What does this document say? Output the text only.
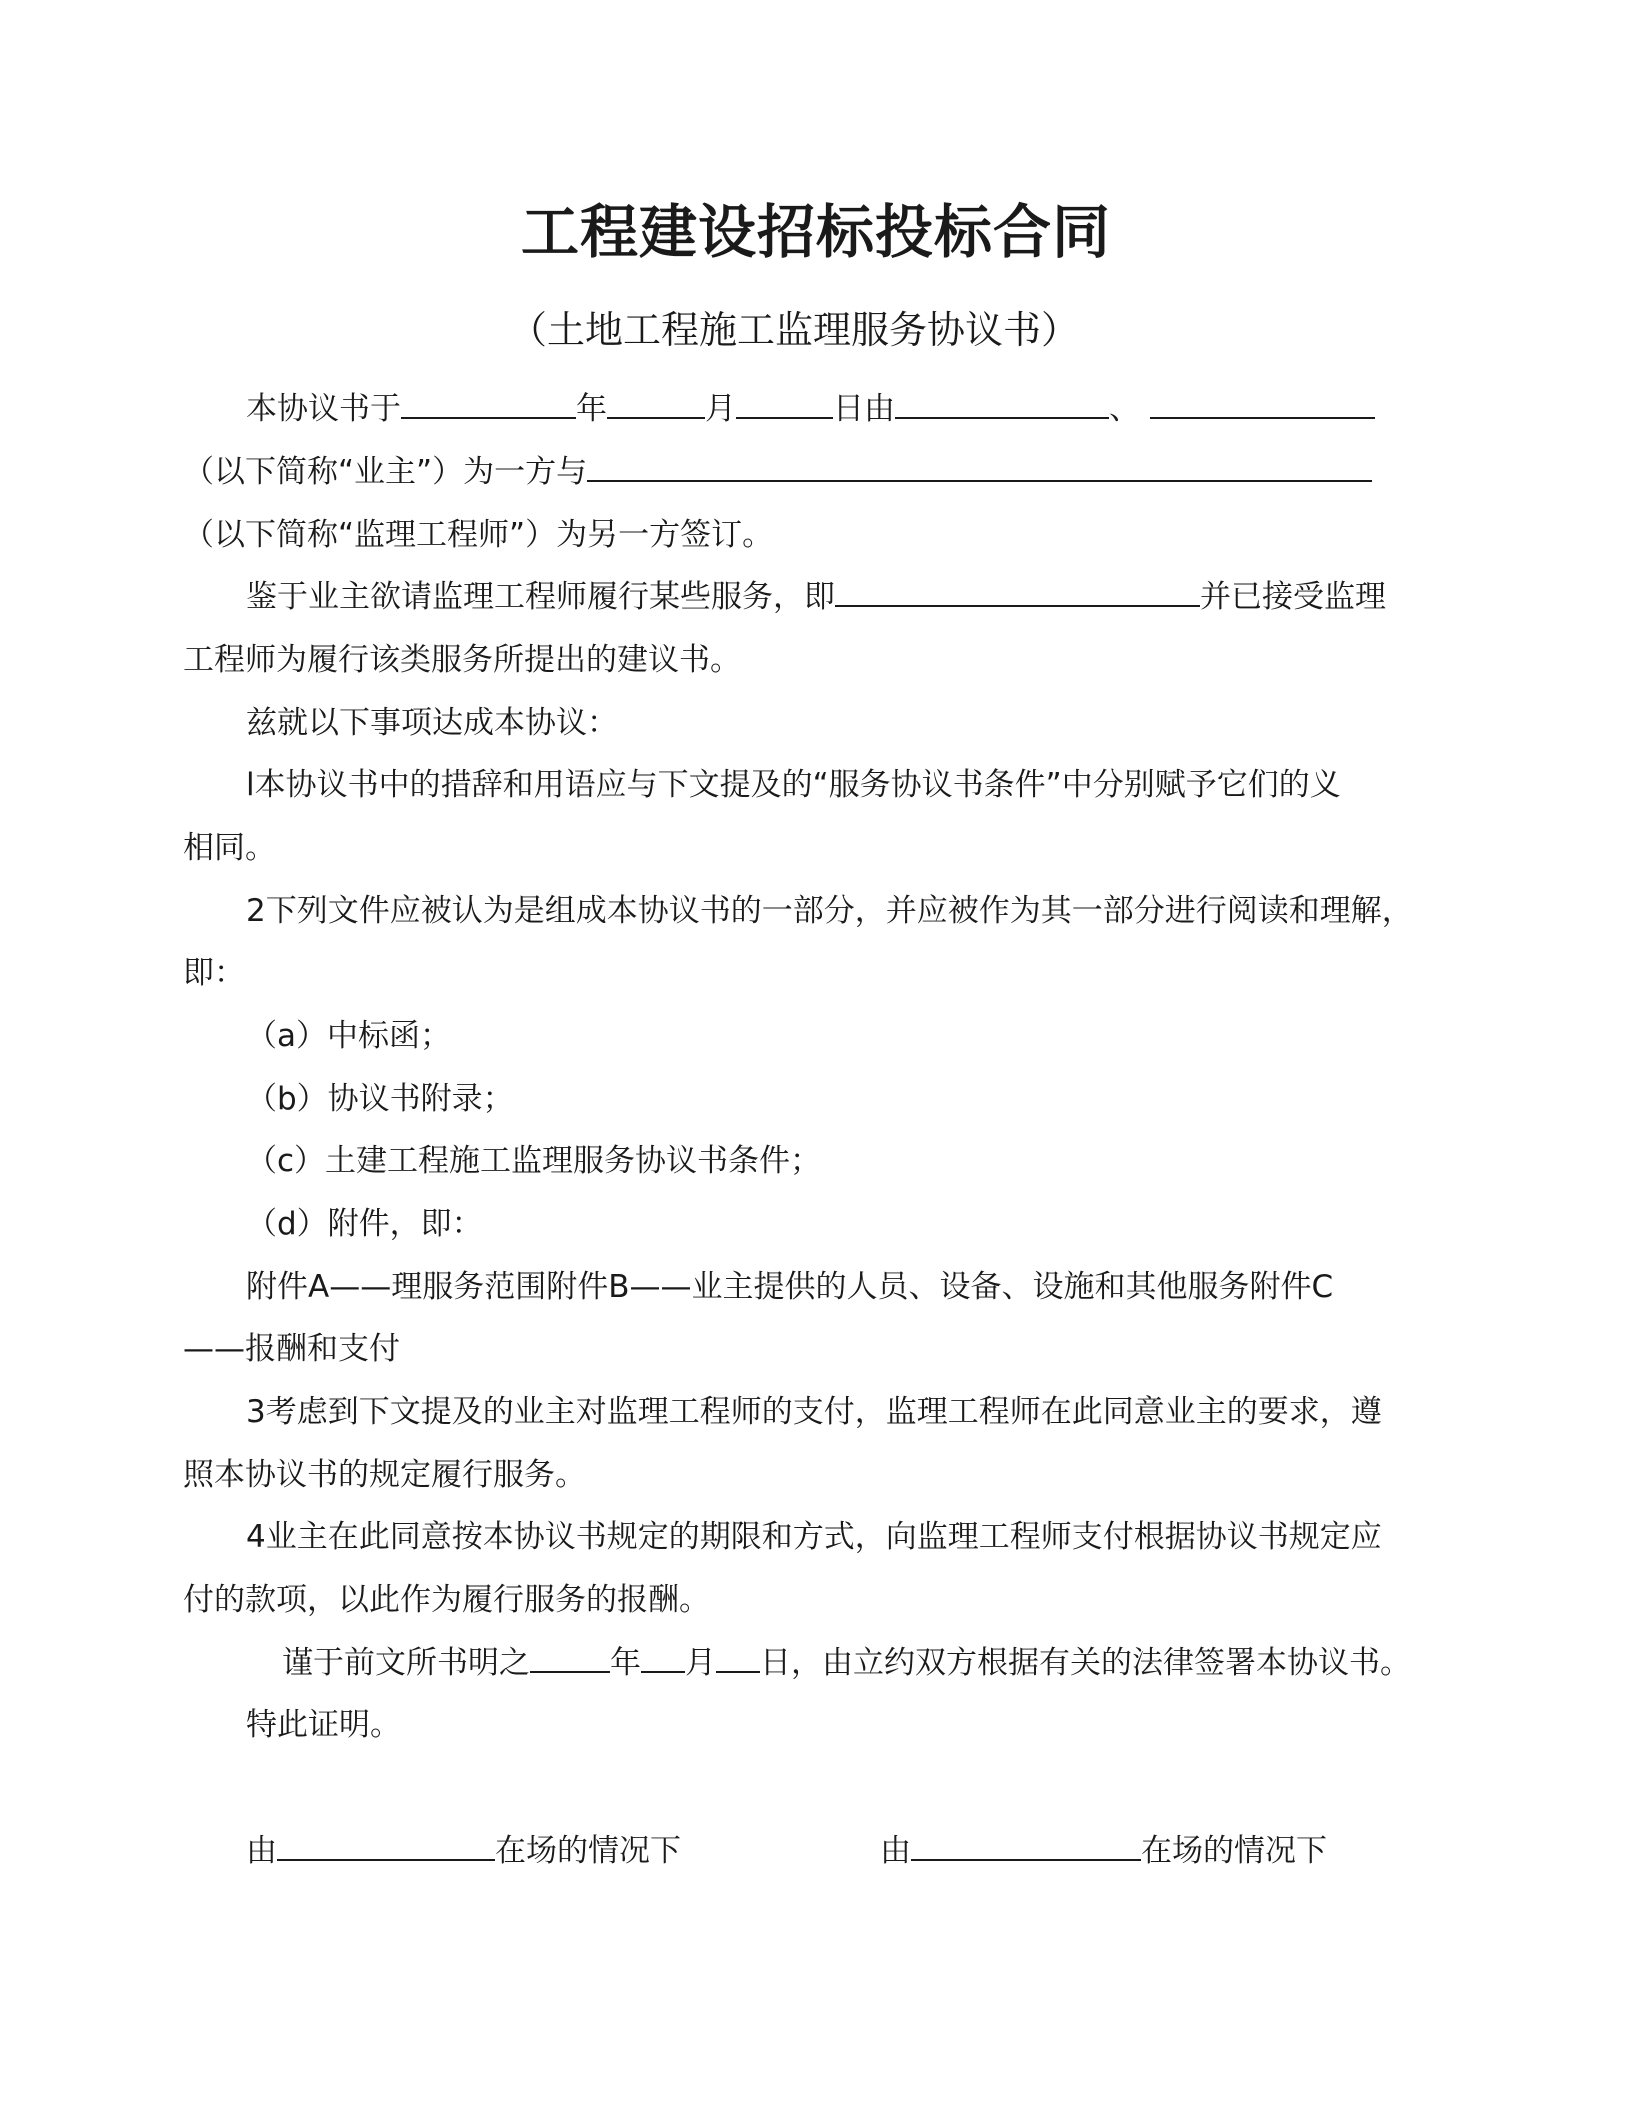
工程建设招标投标合同
（土地工程施工监理服务协议书）
本协议书于	年	月	日由	、
（以下简称“业主”）为一方与
（以下简称“监理工程师”）为另一方签订。
鉴于业主欲请监理工程师履行某些服务，即	并已接受监理
工程师为履行该类服务所提出的建议书。
兹就以下事项达成本协议：
l本协议书中的措辞和用语应与下文提及的“服务协议书条件”中分别赋予它们的义
相同。
2下列文件应被认为是组成本协议书的一部分，并应被作为其一部分进行阅读和理解，
即：
（a）中标函；
（b）协议书附录；
（c）土建工程施工监理服务协议书条件；
（d）附件，即：
附件A——理服务范围附件B——业主提供的人员、设备、设施和其他服务附件C
——报酬和支付
3考虑到下文提及的业主对监理工程师的支付，监理工程师在此同意业主的要求，遵
照本协议书的规定履行服务。
4业主在此同意按本协议书规定的期限和方式，向监理工程师支付根据协议书规定应
付的款项，以此作为履行服务的报酬。
谨于前文所书明之	年 月 日，由立约双方根据有关的法律签署本协议书。
特此证明。
由	在场的情况下	由	在场的情况下
